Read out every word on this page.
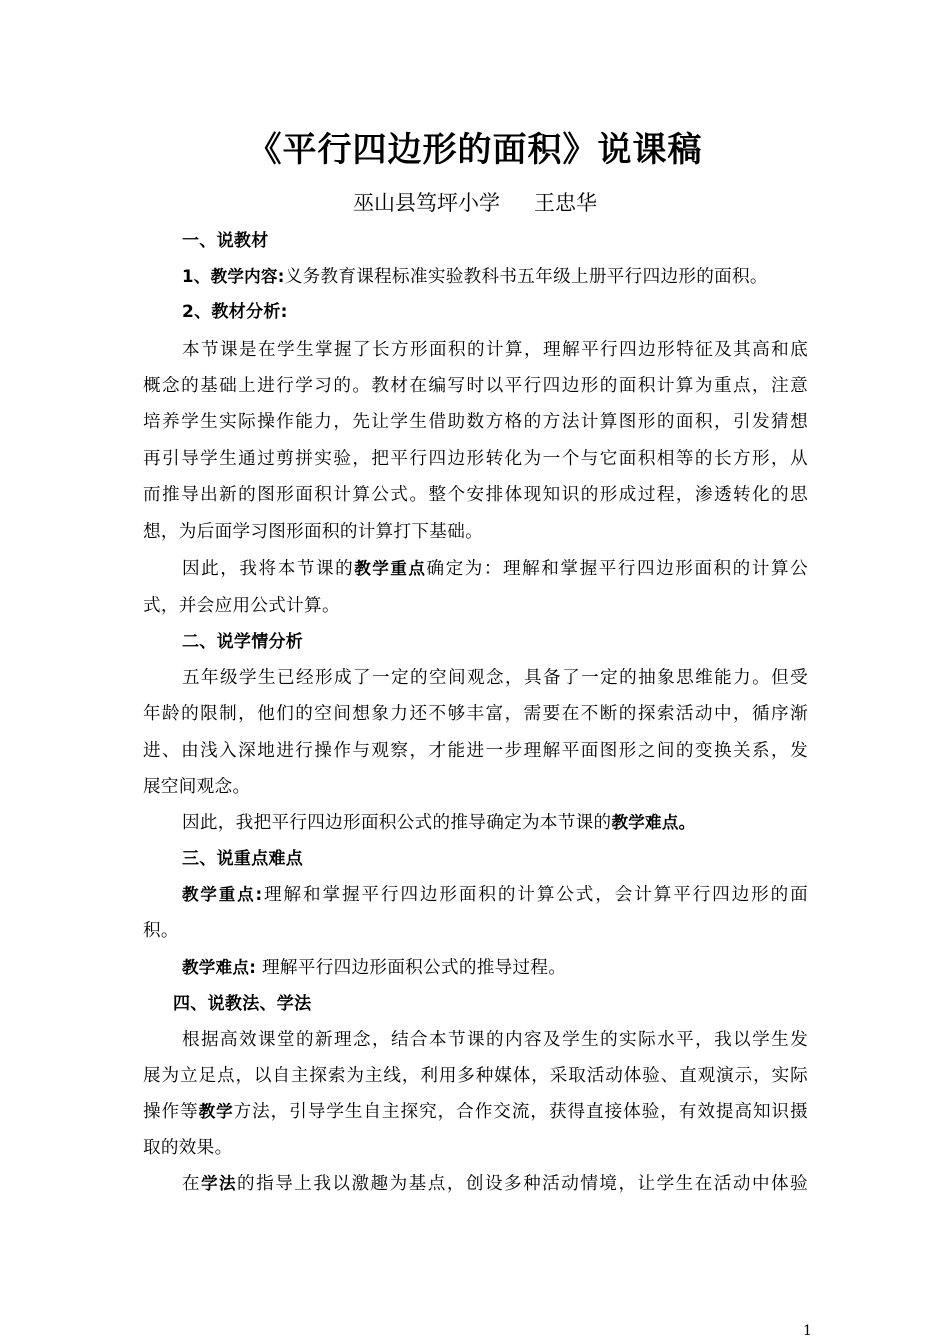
《平行四边形的面积》说课稿
巫山县笃坪小学 王忠华
一、说教材
1、教学内容:义务教育课程标准实验教科书五年级上册平行四边形的面积。
2、教材分析:
本节课是在学生掌握了长方形面积的计算，理解平行四边形特征及其高和底
概念的基础上进行学习的。教材在编写时以平行四边形的面积计算为重点，注意
培养学生实际操作能力，先让学生借助数方格的方法计算图形的面积，引发猜想
再引导学生通过剪拼实验，把平行四边形转化为一个与它面积相等的长方形，从
而推导出新的图形面积计算公式。整个安排体现知识的形成过程，渗透转化的思
想，为后面学习图形面积的计算打下基础。
因此，我将本节课的教学重点确定为：理解和掌握平行四边形面积的计算公
式，并会应用公式计算。
二、说学情分析
五年级学生已经形成了一定的空间观念，具备了一定的抽象思维能力。但受
年龄的限制，他们的空间想象力还不够丰富，需要在不断的探索活动中，循序渐
进、由浅入深地进行操作与观察，才能进一步理解平面图形之间的变换关系，发
展空间观念。
因此，我把平行四边形面积公式的推导确定为本节课的教学难点。
三、说重点难点
教学重点:理解和掌握平行四边形面积的计算公式，会计算平行四边形的面
积。
教学难点: 理解平行四边形面积公式的推导过程。
四、说教法、学法
根据高效课堂的新理念，结合本节课的内容及学生的实际水平，我以学生发
展为立足点，以自主探索为主线，利用多种媒体，采取活动体验、直观演示，实际
操作等教学方法，引导学生自主探究，合作交流，获得直接体验，有效提高知识摄
取的效果。
在学法的指导上我以激趣为基点，创设多种活动情境，让学生在活动中体验
1
